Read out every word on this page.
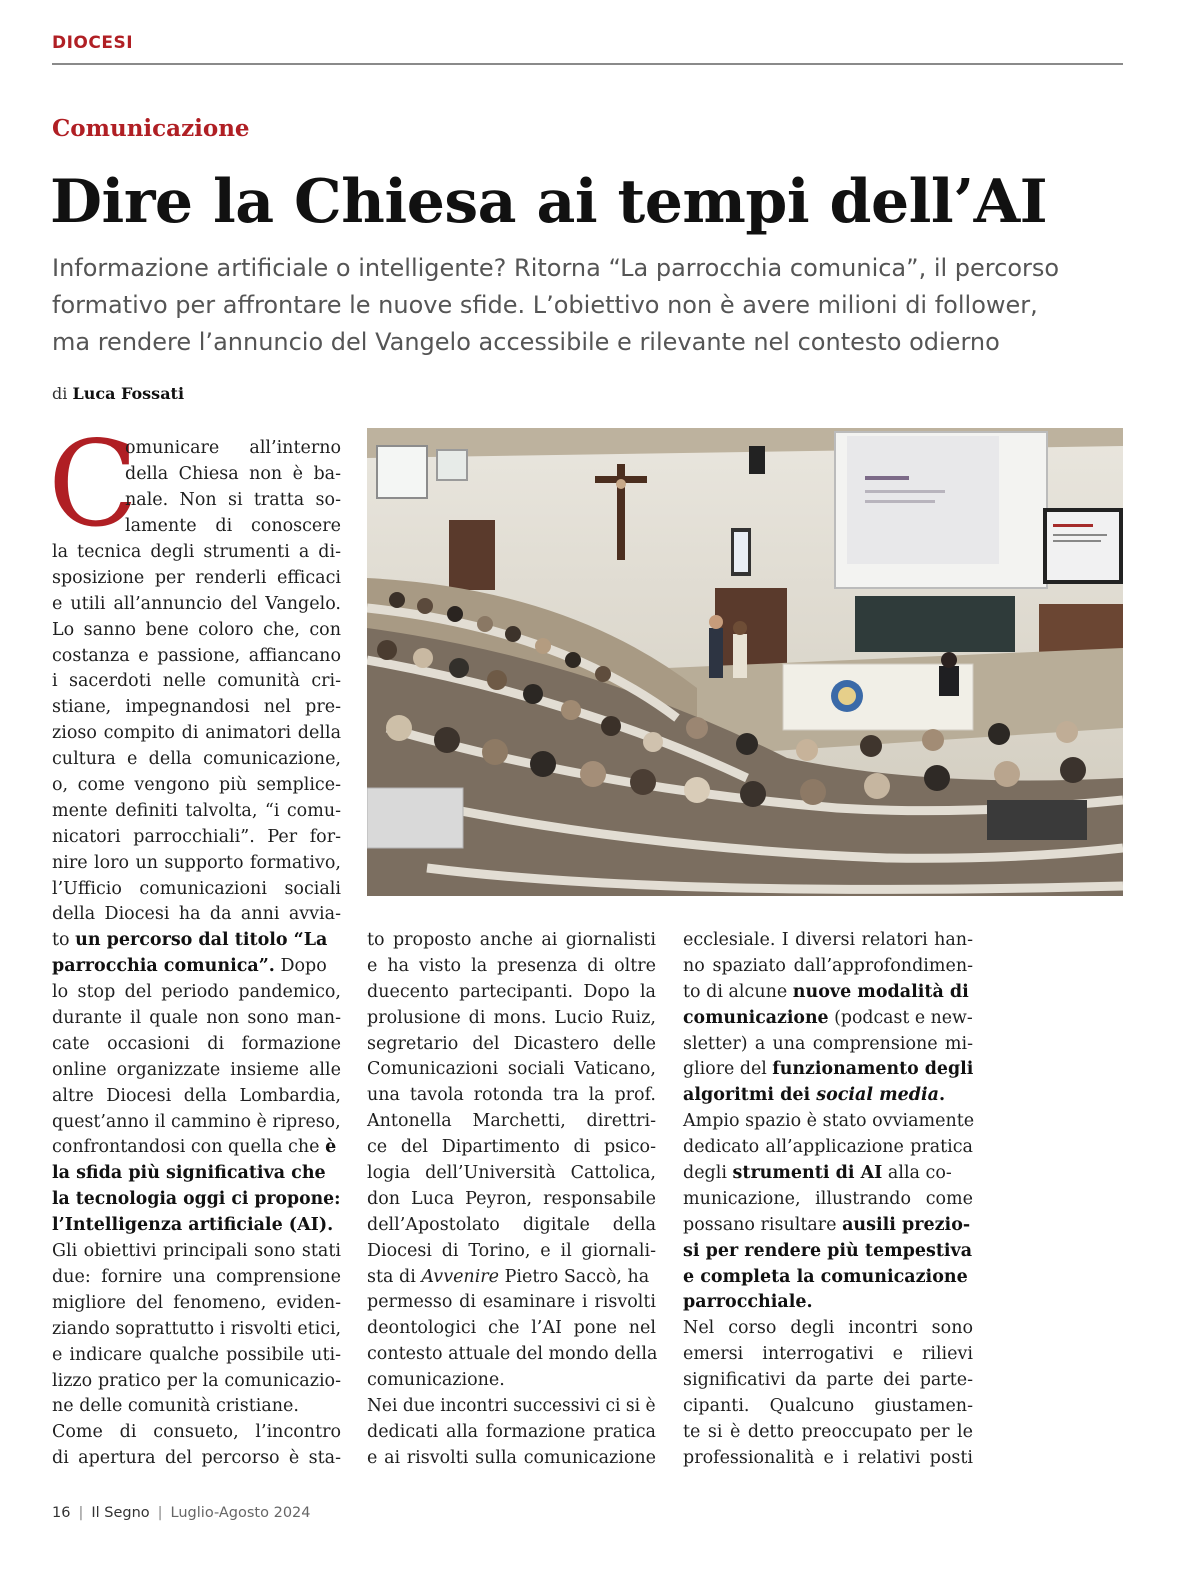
DIOCESI
Comunicazione
Dire la Chiesa ai tempi dell’AI
Informazione artificiale o intelligente? Ritorna “La parrocchia comunica”, il percorso
formativo per affrontare le nuove sfide. L’obiettivo non è avere milioni di follower,
ma rendere l’annuncio del Vangelo accessibile e rilevante nel contesto odierno
di Luca Fossati
C
omunicare all’interno
della Chiesa non è ba-
nale. Non si tratta so-
lamente di conoscere
la tecnica degli strumenti a di-
sposizione per renderli efficaci
e utili all’annuncio del Vangelo.
Lo sanno bene coloro che, con
costanza e passione, affiancano
i sacerdoti nelle comunità cri-
stiane, impegnandosi nel pre-
zioso compito di animatori della
cultura e della comunicazione,
o, come vengono più semplice-
mente definiti talvolta, “i comu-
nicatori parrocchiali”. Per for-
nire loro un supporto formativo,
l’Ufficio comunicazioni sociali
della Diocesi ha da anni avvia-
to un percorso dal titolo “La
parrocchia comunica”. Dopo
lo stop del periodo pandemico,
durante il quale non sono man-
cate occasioni di formazione
online organizzate insieme alle
altre Diocesi della Lombardia,
quest’anno il cammino è ripreso,
confrontandosi con quella che è
la sfida più significativa che
la tecnologia oggi ci propone:
l’Intelligenza artificiale (AI).
Gli obiettivi principali sono stati
due: fornire una comprensione
migliore del fenomeno, eviden-
ziando soprattutto i risvolti etici,
e indicare qualche possibile uti-
lizzo pratico per la comunicazio-
ne delle comunità cristiane.
Come di consueto, l’incontro
di apertura del percorso è sta-
to proposto anche ai giornalisti
e ha visto la presenza di oltre
duecento partecipanti. Dopo la
prolusione di mons. Lucio Ruiz,
segretario del Dicastero delle
Comunicazioni sociali Vaticano,
una tavola rotonda tra la prof.
Antonella Marchetti, direttri-
ce del Dipartimento di psico-
logia dell’Università Cattolica,
don Luca Peyron, responsabile
dell’Apostolato digitale della
Diocesi di Torino, e il giornali-
sta di Avvenire Pietro Saccò, ha
permesso di esaminare i risvolti
deontologici che l’AI pone nel
contesto attuale del mondo della
comunicazione.
Nei due incontri successivi ci si è
dedicati alla formazione pratica
e ai risvolti sulla comunicazione
ecclesiale. I diversi relatori han-
no spaziato dall’approfondimen-
to di alcune nuove modalità di
comunicazione (podcast e new-
sletter) a una comprensione mi-
gliore del funzionamento degli
algoritmi dei social media.
Ampio spazio è stato ovviamente
dedicato all’applicazione pratica
degli strumenti di AI alla co-
municazione, illustrando come
possano risultare ausili prezio-
si per rendere più tempestiva
e completa la comunicazione
parrocchiale.
Nel corso degli incontri sono
emersi interrogativi e rilievi
significativi da parte dei parte-
cipanti. Qualcuno giustamen-
te si è detto preoccupato per le
professionalità e i relativi posti
16 | Il Segno | Luglio-Agosto 2024
